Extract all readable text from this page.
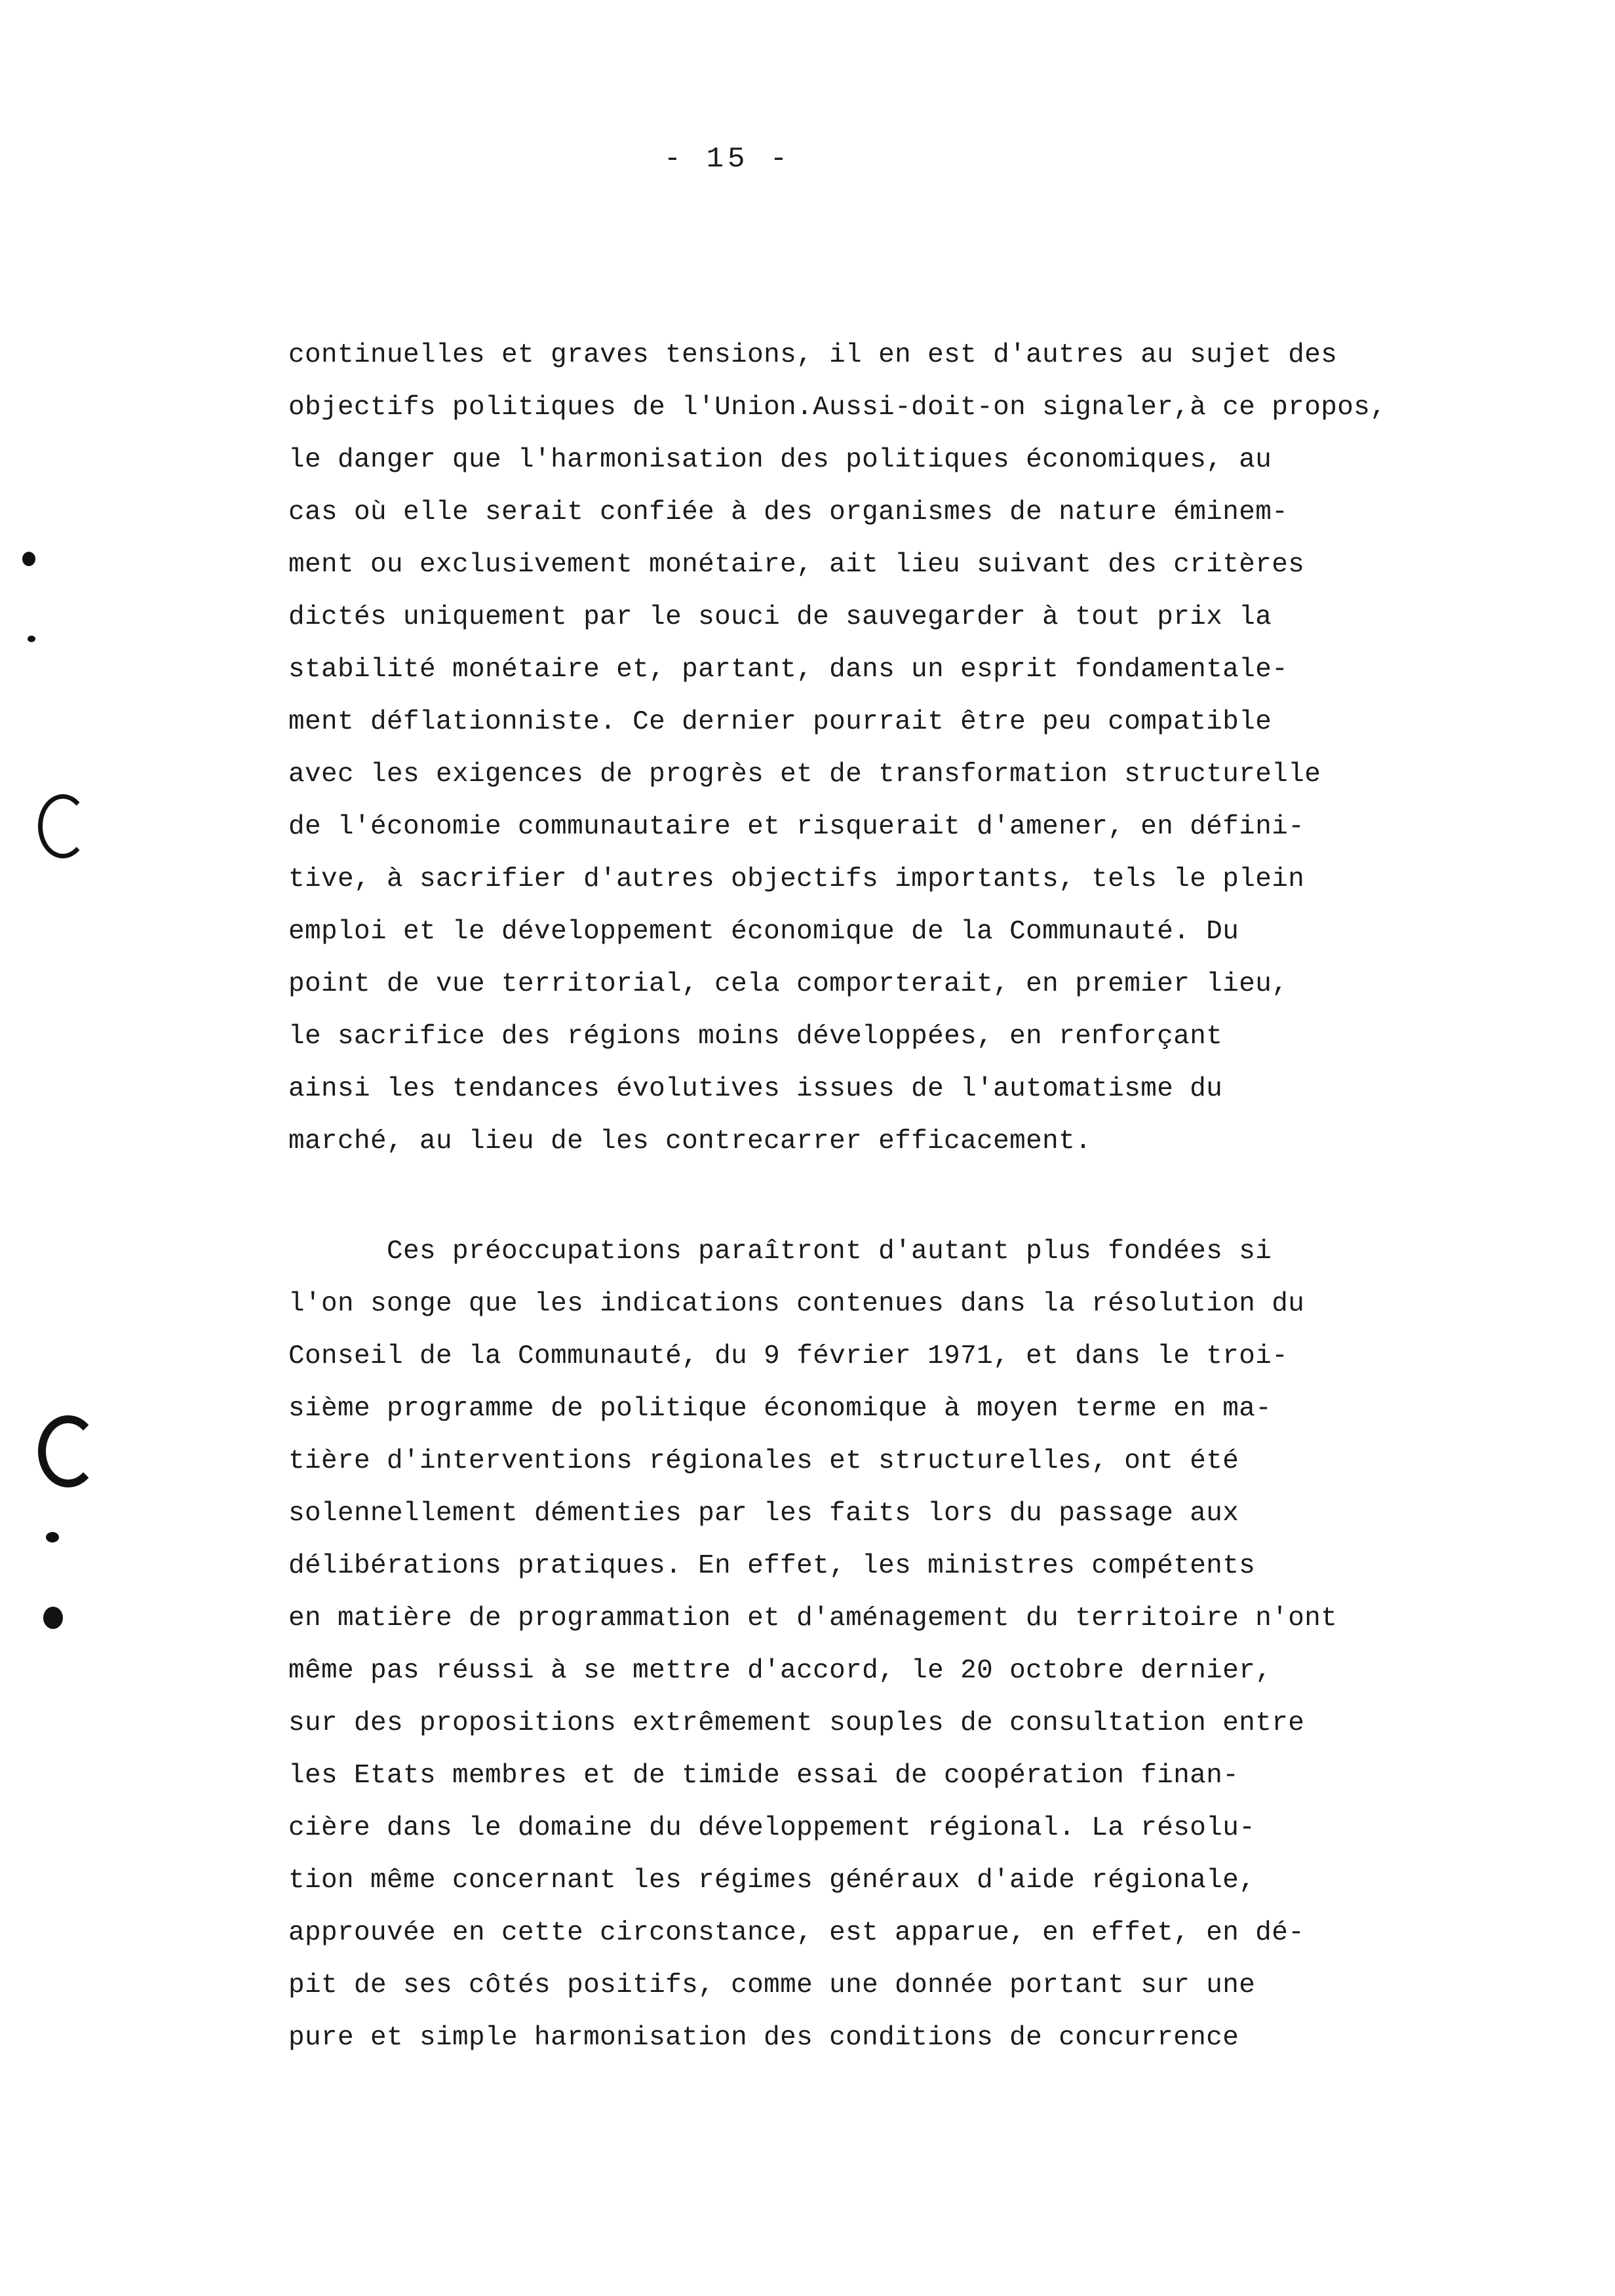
- 15 -
continuelles et graves tensions, il en est d'autres au sujet des
objectifs politiques de l'Union.Aussi-doit-on signaler,à ce propos,
le danger que l'harmonisation des politiques économiques, au
cas où elle serait confiée à des organismes de nature éminem-
ment ou exclusivement monétaire, ait lieu suivant des critères
dictés uniquement par le souci de sauvegarder à tout prix la
stabilité monétaire et, partant, dans un esprit fondamentale-
ment déflationniste. Ce dernier pourrait être peu compatible
avec les exigences de progrès et de transformation structurelle
de l'économie communautaire et risquerait d'amener, en défini-
tive, à sacrifier d'autres objectifs importants, tels le plein
emploi et le développement économique de la Communauté. Du
point de vue territorial, cela comporterait, en premier lieu,
le sacrifice des régions moins développées, en renforçant
ainsi les tendances évolutives issues de l'automatisme du
marché, au lieu de les contrecarrer efficacement.
Ces préoccupations paraîtront d'autant plus fondées si
l'on songe que les indications contenues dans la résolution du
Conseil de la Communauté, du 9 février 1971, et dans le troi-
sième programme de politique économique à moyen terme en ma-
tière d'interventions régionales et structurelles, ont été
solennellement démenties par les faits lors du passage aux
délibérations pratiques. En effet, les ministres compétents
en matière de programmation et d'aménagement du territoire n'ont
même pas réussi à se mettre d'accord, le 20 octobre dernier,
sur des propositions extrêmement souples de consultation entre
les Etats membres et de timide essai de coopération finan-
cière dans le domaine du développement régional. La résolu-
tion même concernant les régimes généraux d'aide régionale,
approuvée en cette circonstance, est apparue, en effet, en dé-
pit de ses côtés positifs, comme une donnée portant sur une
pure et simple harmonisation des conditions de concurrence
